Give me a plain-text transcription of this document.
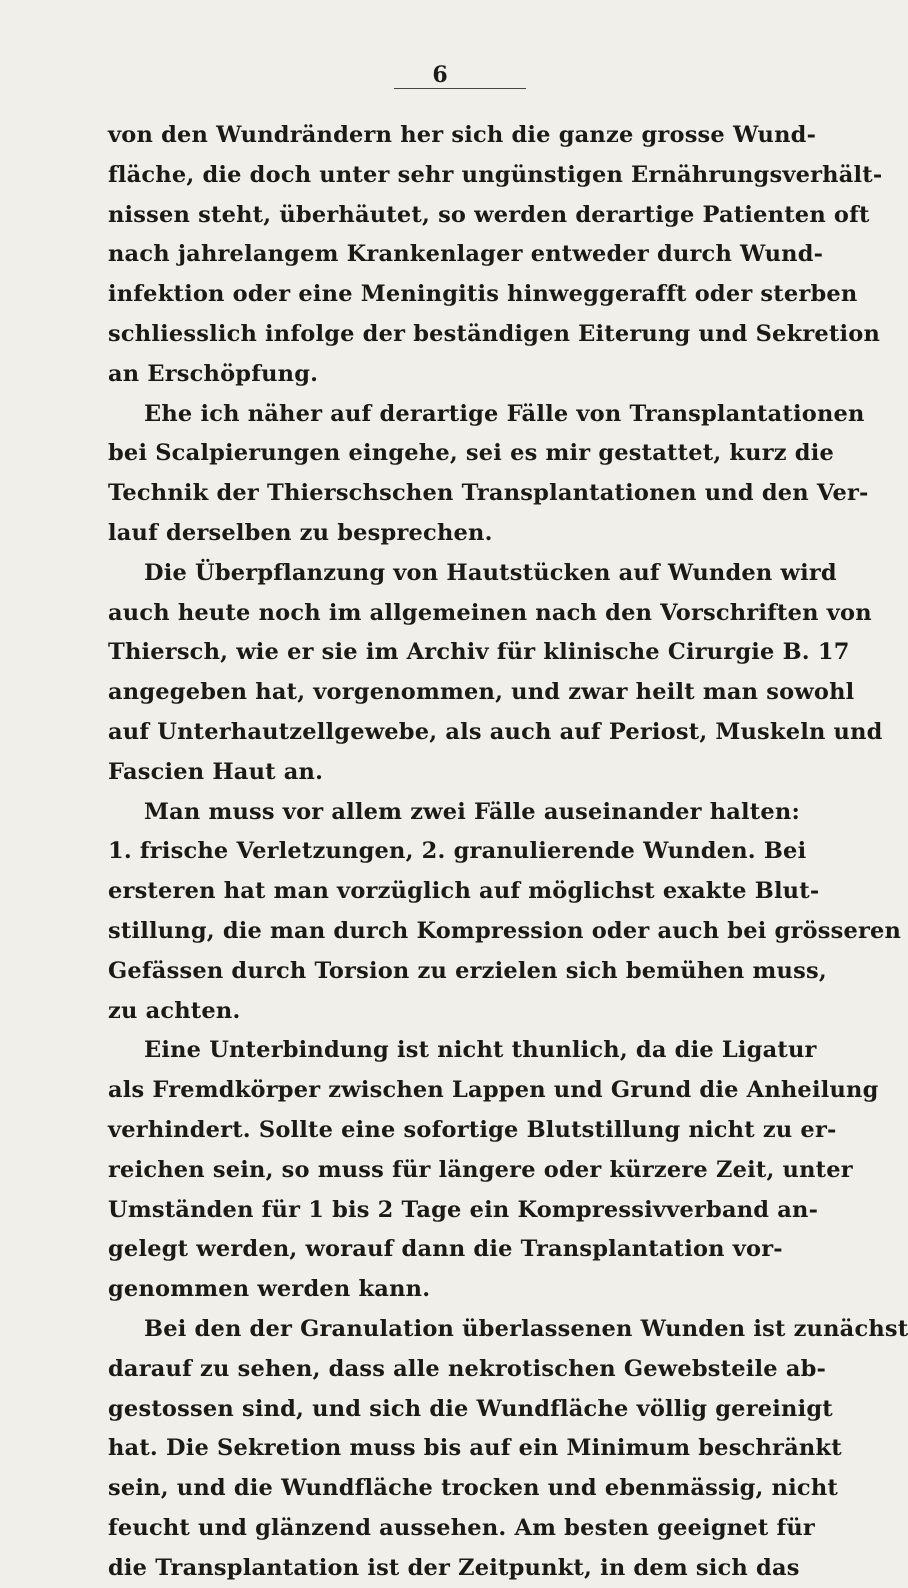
6
von den Wundrändern her sich die ganze grosse Wund-
fläche, die doch unter sehr ungünstigen Ernährungsverhält-
nissen steht, überhäutet, so werden derartige Patienten oft
nach jahrelangem Krankenlager entweder durch Wund-
infektion oder eine Meningitis hinweggerafft oder sterben
schliesslich infolge der beständigen Eiterung und Sekretion
an Erschöpfung.
Ehe ich näher auf derartige Fälle von Transplantationen
bei Scalpierungen eingehe, sei es mir gestattet, kurz die
Technik der Thierschschen Transplantationen und den Ver-
lauf derselben zu besprechen.
Die Überpflanzung von Hautstücken auf Wunden wird
auch heute noch im allgemeinen nach den Vorschriften von
Thiersch, wie er sie im Archiv für klinische Cirurgie B. 17
angegeben hat, vorgenommen, und zwar heilt man sowohl
auf Unterhautzellgewebe, als auch auf Periost, Muskeln und
Fascien Haut an.
Man muss vor allem zwei Fälle auseinander halten:
1. frische Verletzungen, 2. granulierende Wunden. Bei
ersteren hat man vorzüglich auf möglichst exakte Blut-
stillung, die man durch Kompression oder auch bei grösseren
Gefässen durch Torsion zu erzielen sich bemühen muss,
zu achten.
Eine Unterbindung ist nicht thunlich, da die Ligatur
als Fremdkörper zwischen Lappen und Grund die Anheilung
verhindert. Sollte eine sofortige Blutstillung nicht zu er-
reichen sein, so muss für längere oder kürzere Zeit, unter
Umständen für 1 bis 2 Tage ein Kompressivverband an-
gelegt werden, worauf dann die Transplantation vor-
genommen werden kann.
Bei den der Granulation überlassenen Wunden ist zunächst
darauf zu sehen, dass alle nekrotischen Gewebsteile ab-
gestossen sind, und sich die Wundfläche völlig gereinigt
hat. Die Sekretion muss bis auf ein Minimum beschränkt
sein, und die Wundfläche trocken und ebenmässig, nicht
feucht und glänzend aussehen. Am besten geeignet für
die Transplantation ist der Zeitpunkt, in dem sich das
